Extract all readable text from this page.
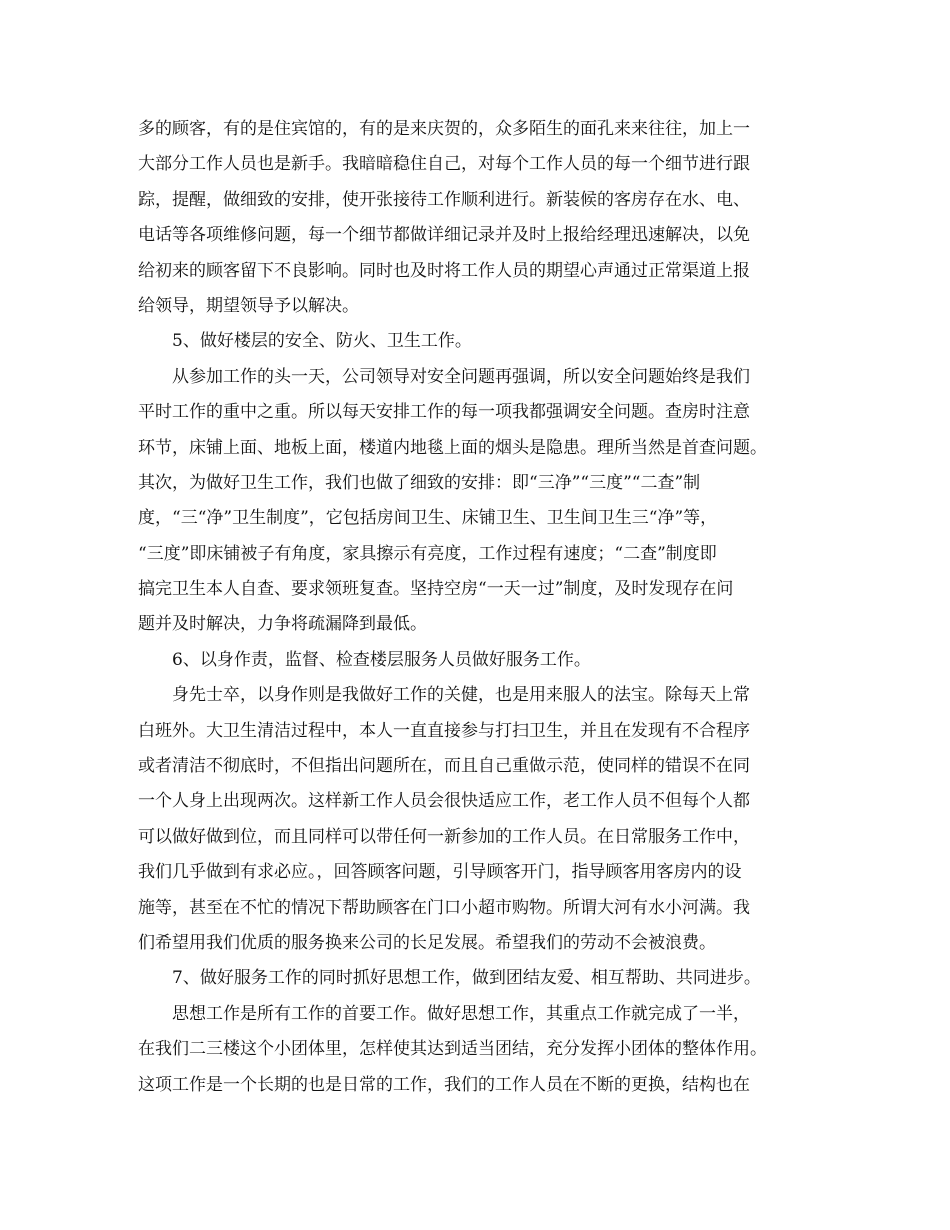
多的顾客，有的是住宾馆的，有的是来庆贺的，众多陌生的面孔来来往往，加上一
大部分工作人员也是新手。我暗暗稳住自己，对每个工作人员的每一个细节进行跟
踪，提醒，做细致的安排，使开张接待工作顺利进行。新装候的客房存在水、电、
电话等各项维修问题，每一个细节都做详细记录并及时上报给经理迅速解决，以免
给初来的顾客留下不良影响。同时也及时将工作人员的期望心声通过正常渠道上报
给领导，期望领导予以解决。
5、做好楼层的安全、防火、卫生工作。
从参加工作的头一天，公司领导对安全问题再强调，所以安全问题始终是我们
平时工作的重中之重。所以每天安排工作的每一项我都强调安全问题。查房时注意
环节，床铺上面、地板上面，楼道内地毯上面的烟头是隐患。理所当然是首查问题。
其次，为做好卫生工作，我们也做了细致的安排：即“三净”“三度”“二查”制
度，“三“净”卫生制度”，它包括房间卫生、床铺卫生、卫生间卫生三“净”等，
“三度”即床铺被子有角度，家具擦示有亮度，工作过程有速度；“二查”制度即
搞完卫生本人自查、要求领班复查。坚持空房“一天一过”制度，及时发现存在问
题并及时解决，力争将疏漏降到最低。
6、以身作责，监督、检查楼层服务人员做好服务工作。
身先士卒，以身作则是我做好工作的关健，也是用来服人的法宝。除每天上常
白班外。大卫生清洁过程中，本人一直直接参与打扫卫生，并且在发现有不合程序
或者清洁不彻底时，不但指出问题所在，而且自己重做示范，使同样的错误不在同
一个人身上出现两次。这样新工作人员会很快适应工作，老工作人员不但每个人都
可以做好做到位，而且同样可以带任何一新参加的工作人员。在日常服务工作中，
我们几乎做到有求必应。，回答顾客问题，引导顾客开门，指导顾客用客房内的设
施等，甚至在不忙的情况下帮助顾客在门口小超市购物。所谓大河有水小河满。我
们希望用我们优质的服务换来公司的长足发展。希望我们的劳动不会被浪费。
7、做好服务工作的同时抓好思想工作，做到团结友爱、相互帮助、共同进步。
思想工作是所有工作的首要工作。做好思想工作，其重点工作就完成了一半，
在我们二三楼这个小团体里，怎样使其达到适当团结，充分发挥小团体的整体作用。
这项工作是一个长期的也是日常的工作，我们的工作人员在不断的更换，结构也在
